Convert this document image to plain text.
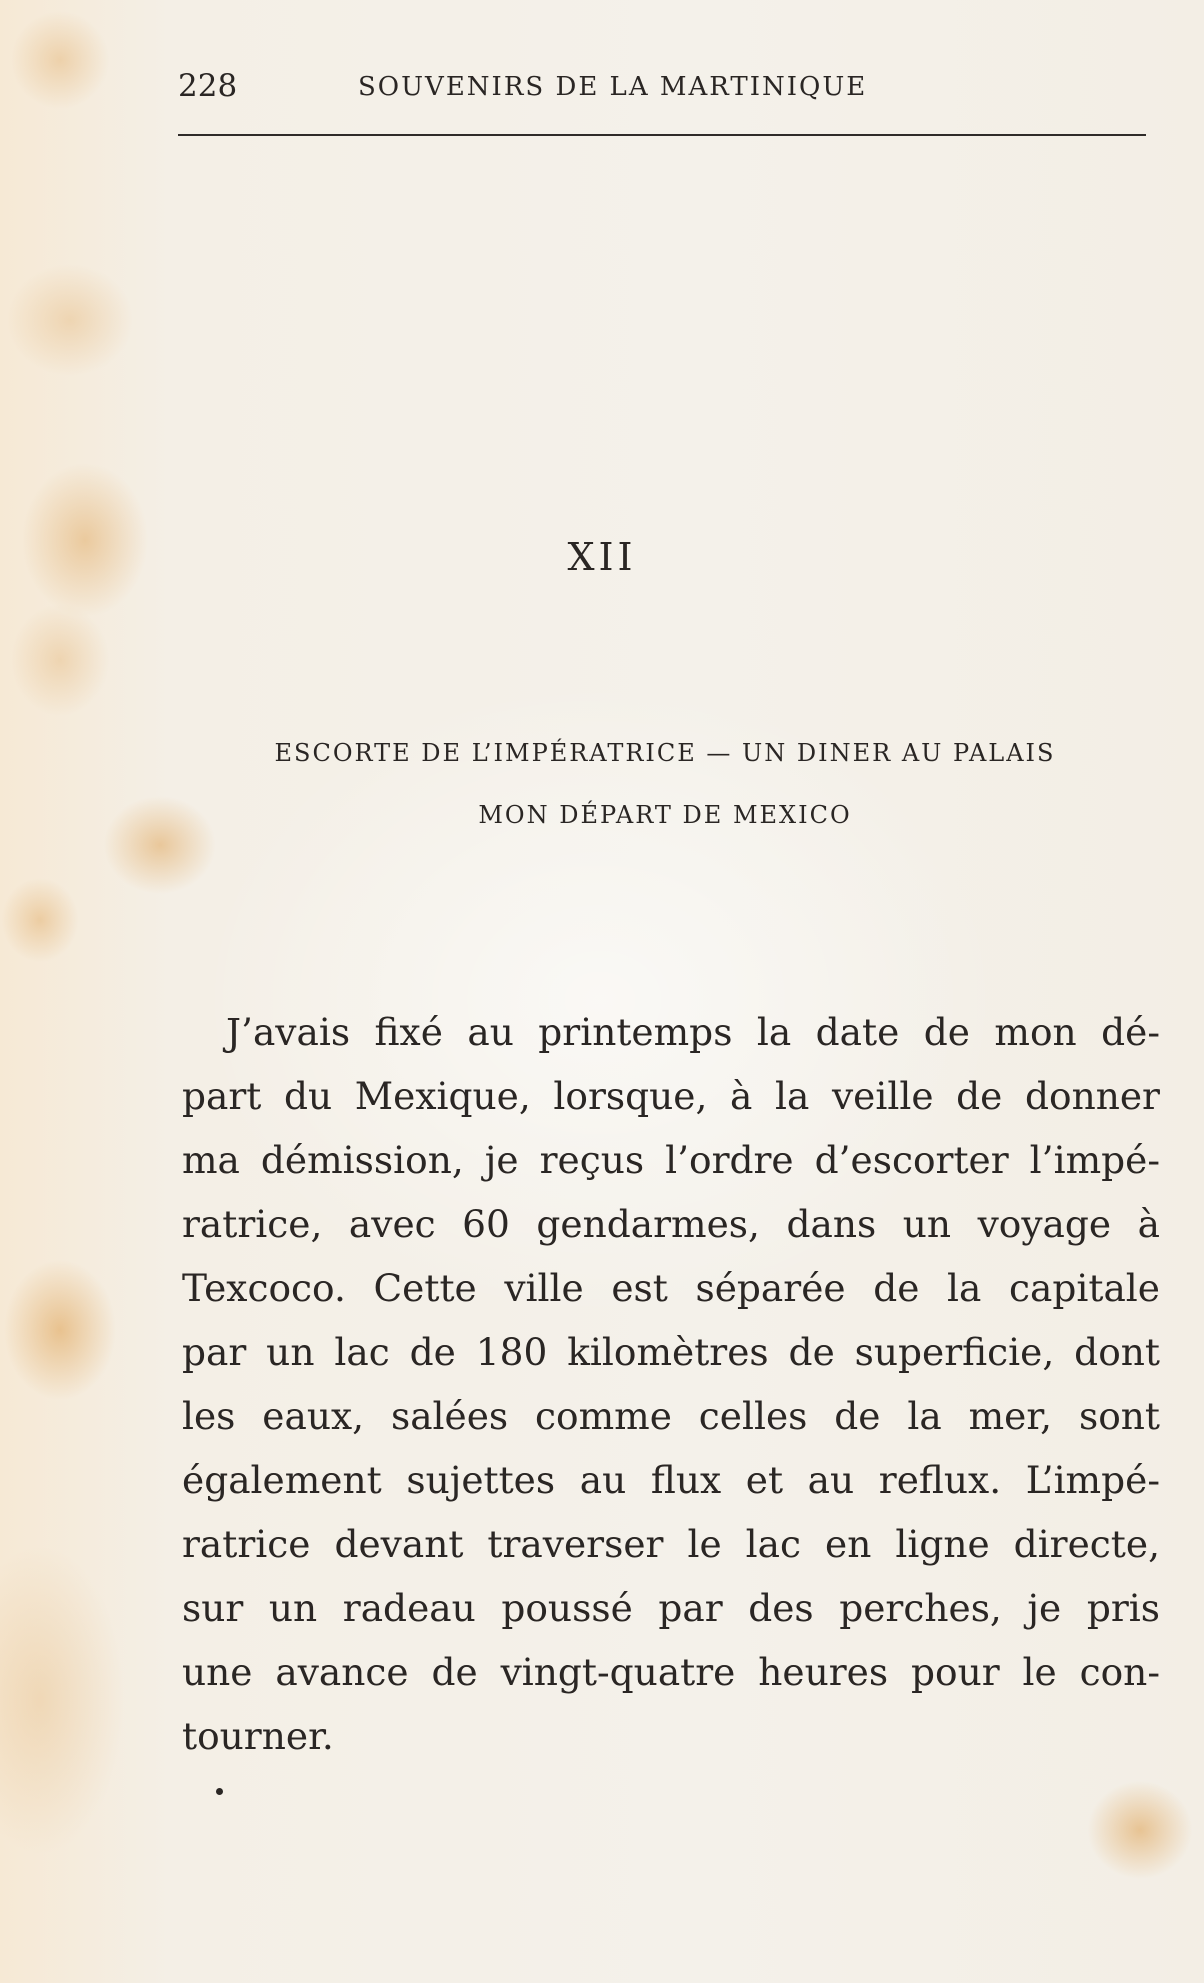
228	SOUVENIRS DE LA MARTINIQUE
XII
ESCORTE DE L’IMPÉRATRICE — UN DINER AU PALAIS
MON DÉPART DE MEXICO
J’avais fixé au printemps la date de mon dé-
part du Mexique, lorsque, à la veille de donner
ma démission, je reçus l’ordre d’escorter l’impé-
ratrice, avec 60 gendarmes, dans un voyage à
Texcoco. Cette ville est séparée de la capitale
par un lac de 180 kilomètres de superficie, dont
les eaux, salées comme celles de la mer, sont
également sujettes au flux et au reflux. L’impé-
ratrice devant traverser le lac en ligne directe,
sur un radeau poussé par des perches, je pris
une avance de vingt-quatre heures pour le con-
tourner.
